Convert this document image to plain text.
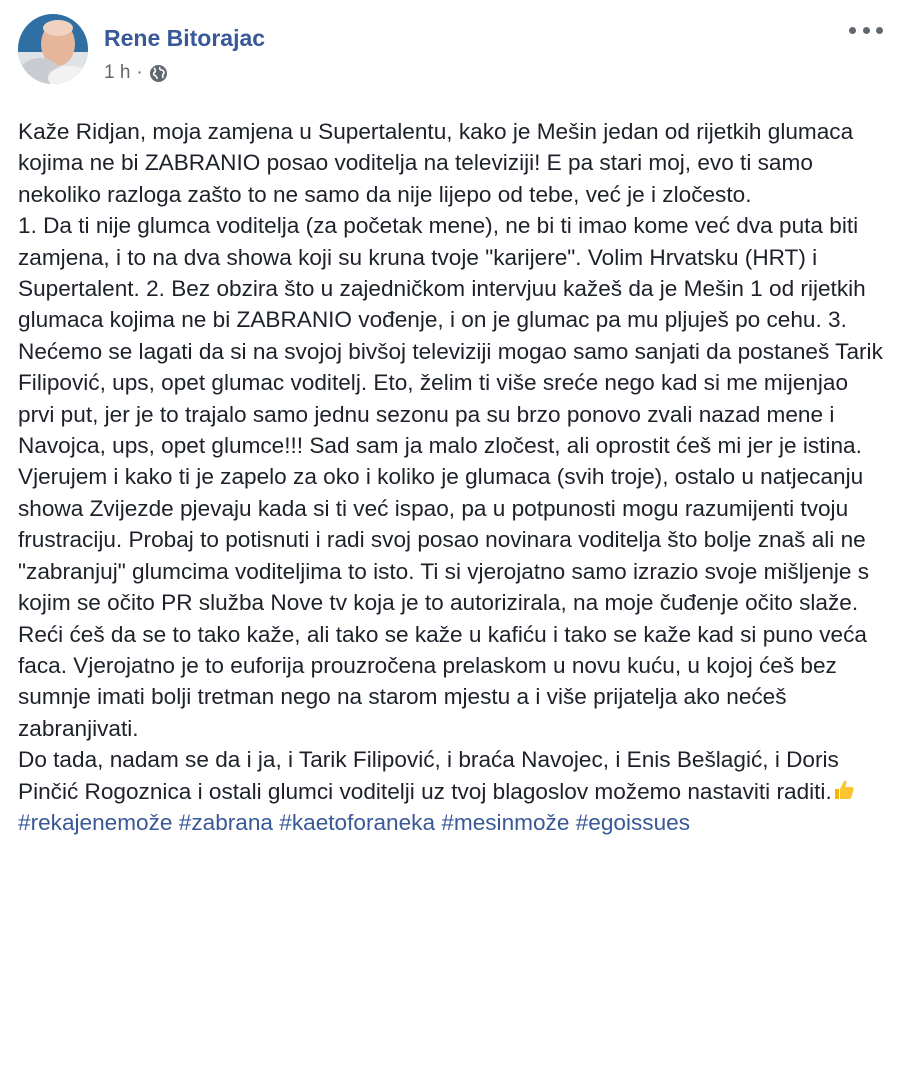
Rene Bitorajac
1 h ·

Kaže Ridjan, moja zamjena u Supertalentu, kako je Mešin jedan od rijetkih glumaca kojima ne bi ZABRANIO posao voditelja na televiziji! E pa stari moj, evo ti samo nekoliko razloga zašto to ne samo da nije lijepo od tebe, već je i zločesto.

1. Da ti nije glumca voditelja (za početak mene), ne bi ti imao kome već dva puta biti zamjena, i to na dva showa koji su kruna tvoje "karijere". Volim Hrvatsku (HRT) i Supertalent. 2. Bez obzira što u zajedničkom intervjuu kažeš da je Mešin 1 od rijetkih glumaca kojima ne bi ZABRANIO vođenje, i on je glumac pa mu pljuješ po cehu. 3. Nećemo se lagati da si na svojoj bivšoj televiziji mogao samo sanjati da postaneš Tarik Filipović, ups, opet glumac voditelj. Eto, želim ti više sreće nego kad si me mijenjao prvi put, jer je to trajalo samo jednu sezonu pa su brzo ponovo zvali nazad mene i Navojca, ups, opet glumce!!! Sad sam ja malo zločest, ali oprostit ćeš mi jer je istina. Vjerujem i kako ti je zapelo za oko i koliko je glumaca (svih troje), ostalo u natjecanju showa Zvijezde pjevaju kada si ti već ispao, pa u potpunosti mogu razumijenti tvoju frustraciju. Probaj to potisnuti i radi svoj posao novinara voditelja što bolje znaš ali ne "zabranjuj" glumcima voditeljima to isto. Ti si vjerojatno samo izrazio svoje mišljenje s kojim se očito PR služba Nove tv koja je to autorizirala, na moje čuđenje očito slaže. Reći ćeš da se to tako kaže, ali tako se kaže u kafiću i tako se kaže kad si puno veća faca. Vjerojatno je to euforija prouzročena prelaskom u novu kuću, u kojoj ćeš bez sumnje imati bolji tretman nego na starom mjestu a i više prijatelja ako nećeš zabranjivati.

Do tada, nadam se da i ja, i Tarik Filipović, i braća Navojec, i Enis Bešlagić, i Doris Pinčić Rogoznica i ostali glumci voditelji uz tvoj blagoslov možemo nastaviti raditi.

#rekajenemože #zabrana #kaetoforaneka #mesinmože #egoissues
